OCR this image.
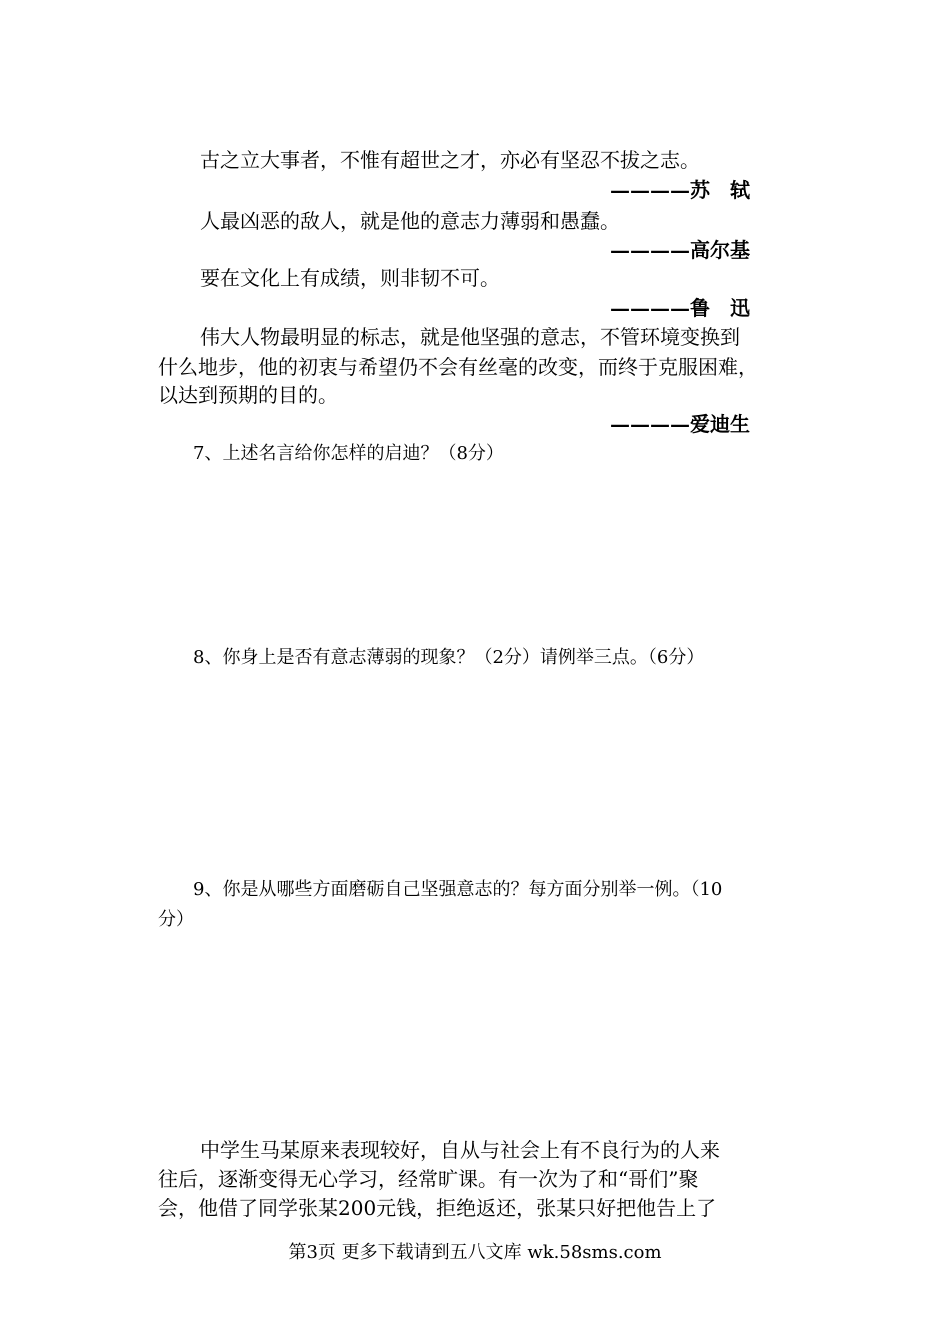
古之立大事者，不惟有超世之才，亦必有坚忍不拔之志。
————苏　轼
人最凶恶的敌人，就是他的意志力薄弱和愚蠢。
————高尔基
要在文化上有成绩，则非韧不可。
————鲁　迅
伟大人物最明显的标志，就是他坚强的意志，不管环境变换到
什么地步，他的初衷与希望仍不会有丝毫的改变，而终于克服困难，
以达到预期的目的。
————爱迪生
7、上述名言给你怎样的启迪？（8分）
8、你身上是否有意志薄弱的现象？（2分）请例举三点。（6分）
9、你是从哪些方面磨砺自己坚强意志的？每方面分别举一例。（10
分）
中学生马某原来表现较好，自从与社会上有不良行为的人来
往后，逐渐变得无心学习，经常旷课。有一次为了和“哥们”聚
会，他借了同学张某200元钱，拒绝返还，张某只好把他告上了
第3页 更多下载请到五八文库 wk.58sms.com
